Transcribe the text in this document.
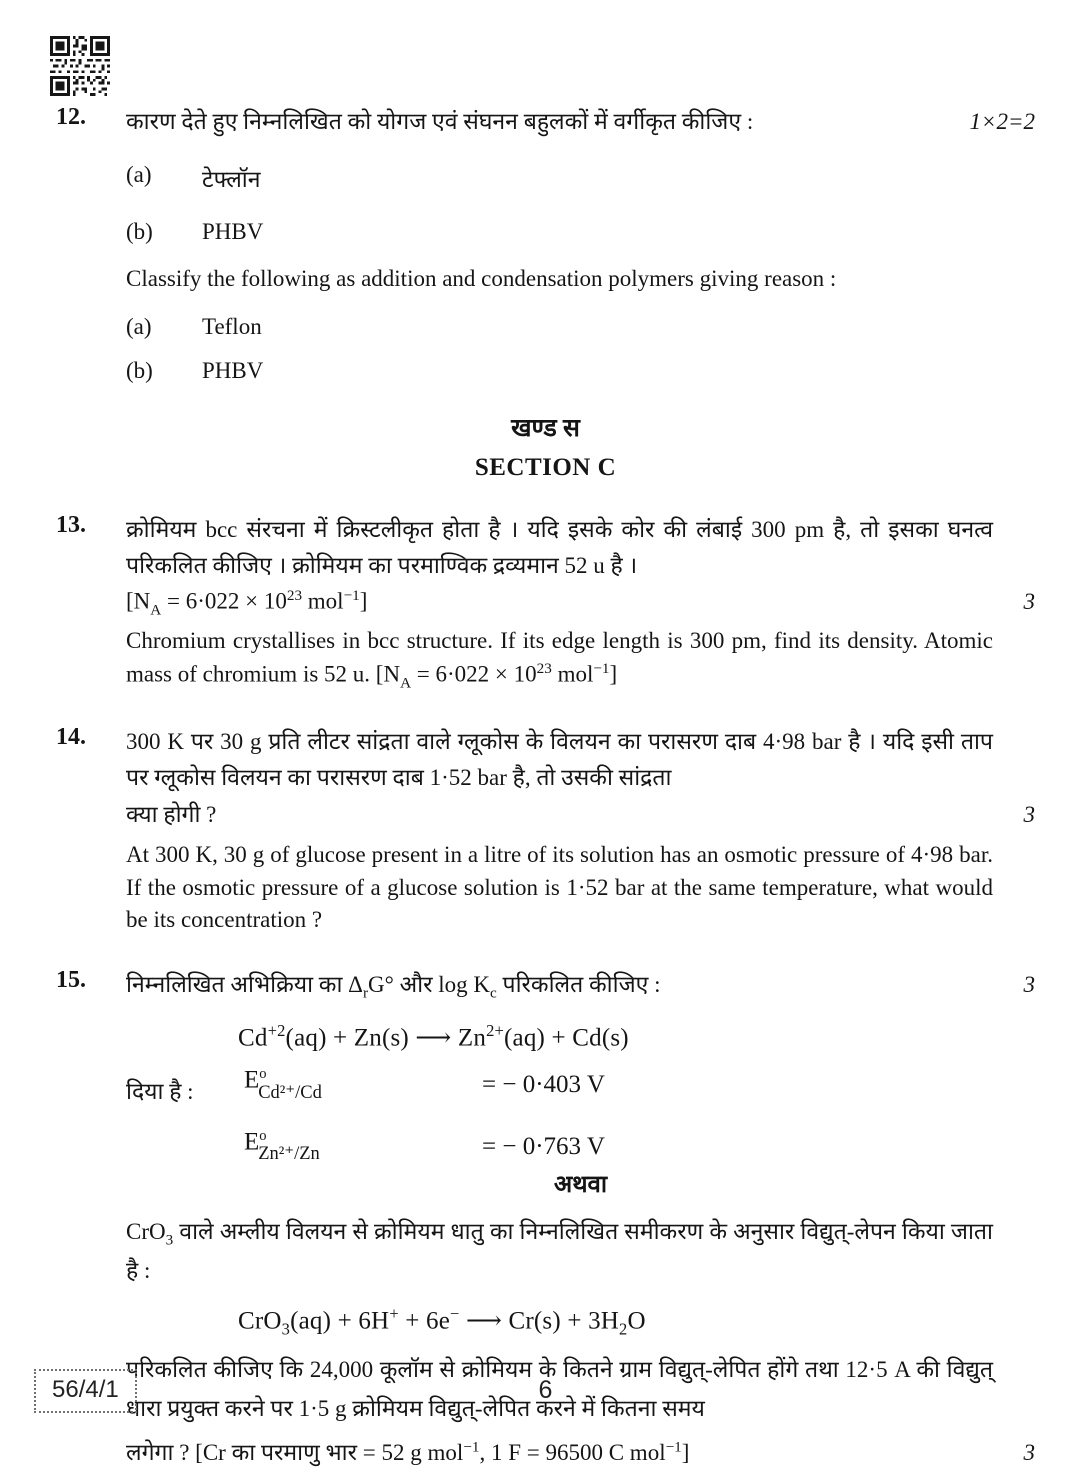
12.	कारण देते हुए निम्नलिखित को योगज एवं संघनन बहुलकों में वर्गीकृत कीजिए :	1×2=2
(a)	टेफ्लॉन
(b)	PHBV

Classify the following as addition and condensation polymers giving reason :

(a)	Teflon
(b)	PHBV
खण्ड स
SECTION C
13.	क्रोमियम bcc संरचना में क्रिस्टलीकृत होता है । यदि इसके कोर की लंबाई 300 pm है, तो इसका घनत्व परिकलित कीजिए । क्रोमियम का परमाण्विक द्रव्यमान 52 u है ।

[$N_A = 6\cdot 022 \times 10^{23}$ mol$^{-1}$]	3

Chromium crystallises in bcc structure. If its edge length is 300 pm, find its density. Atomic mass of chromium is 52 u. [$N_A = 6\cdot 022 \times 10^{23}$ mol$^{-1}$]

14.	300 K पर 30 g प्रति लीटर सांद्रता वाले ग्लूकोस के विलयन का परासरण दाब 4·98 bar है । यदि इसी ताप पर ग्लूकोस विलयन का परासरण दाब 1·52 bar है, तो उसकी सांद्रता

क्या होगी ?	3

At 300 K, 30 g of glucose present in a litre of its solution has an osmotic pressure of 4·98 bar. If the osmotic pressure of a glucose solution is 1·52 bar at the same temperature, what would be its concentration ?

15.	निम्नलिखित अभिक्रिया का $\Delta_rG^\circ$ और $\log K_c$ परिकलित कीजिए :	3
$Cd^{+2}(aq) + Zn(s)$ ⟶ $Zn^{2+}(aq) + Cd(s)$
दिया है :	$E^o_{Cd^{2+}/Cd}$	= − 0·403 V
$E^o_{Zn^{2+}/Zn}$	= − 0·763 V
अथवा

CrO$_3$ वाले अम्लीय विलयन से क्रोमियम धातु का निम्नलिखित समीकरण के अनुसार विद्युत्-लेपन किया जाता है :

CrO$_3$(aq) + 6H+ + 6e− ⟶ $Cr(s) + 3H_2O$

परिकलित कीजिए कि 24,000 कूलॉम से क्रोमियम के कितने ग्राम विद्युत्-लेपित होंगे तथा 12·5 A की विद्युत् धारा प्रयुक्त करने पर 1·5 g क्रोमियम विद्युत्-लेपित करने में कितना समय

लगेगा ? [Cr का परमाणु भार = 52 g mol$^{-1}$, 1 F = 96500 C mol$^{-1}$]	3
56/4/1	6
